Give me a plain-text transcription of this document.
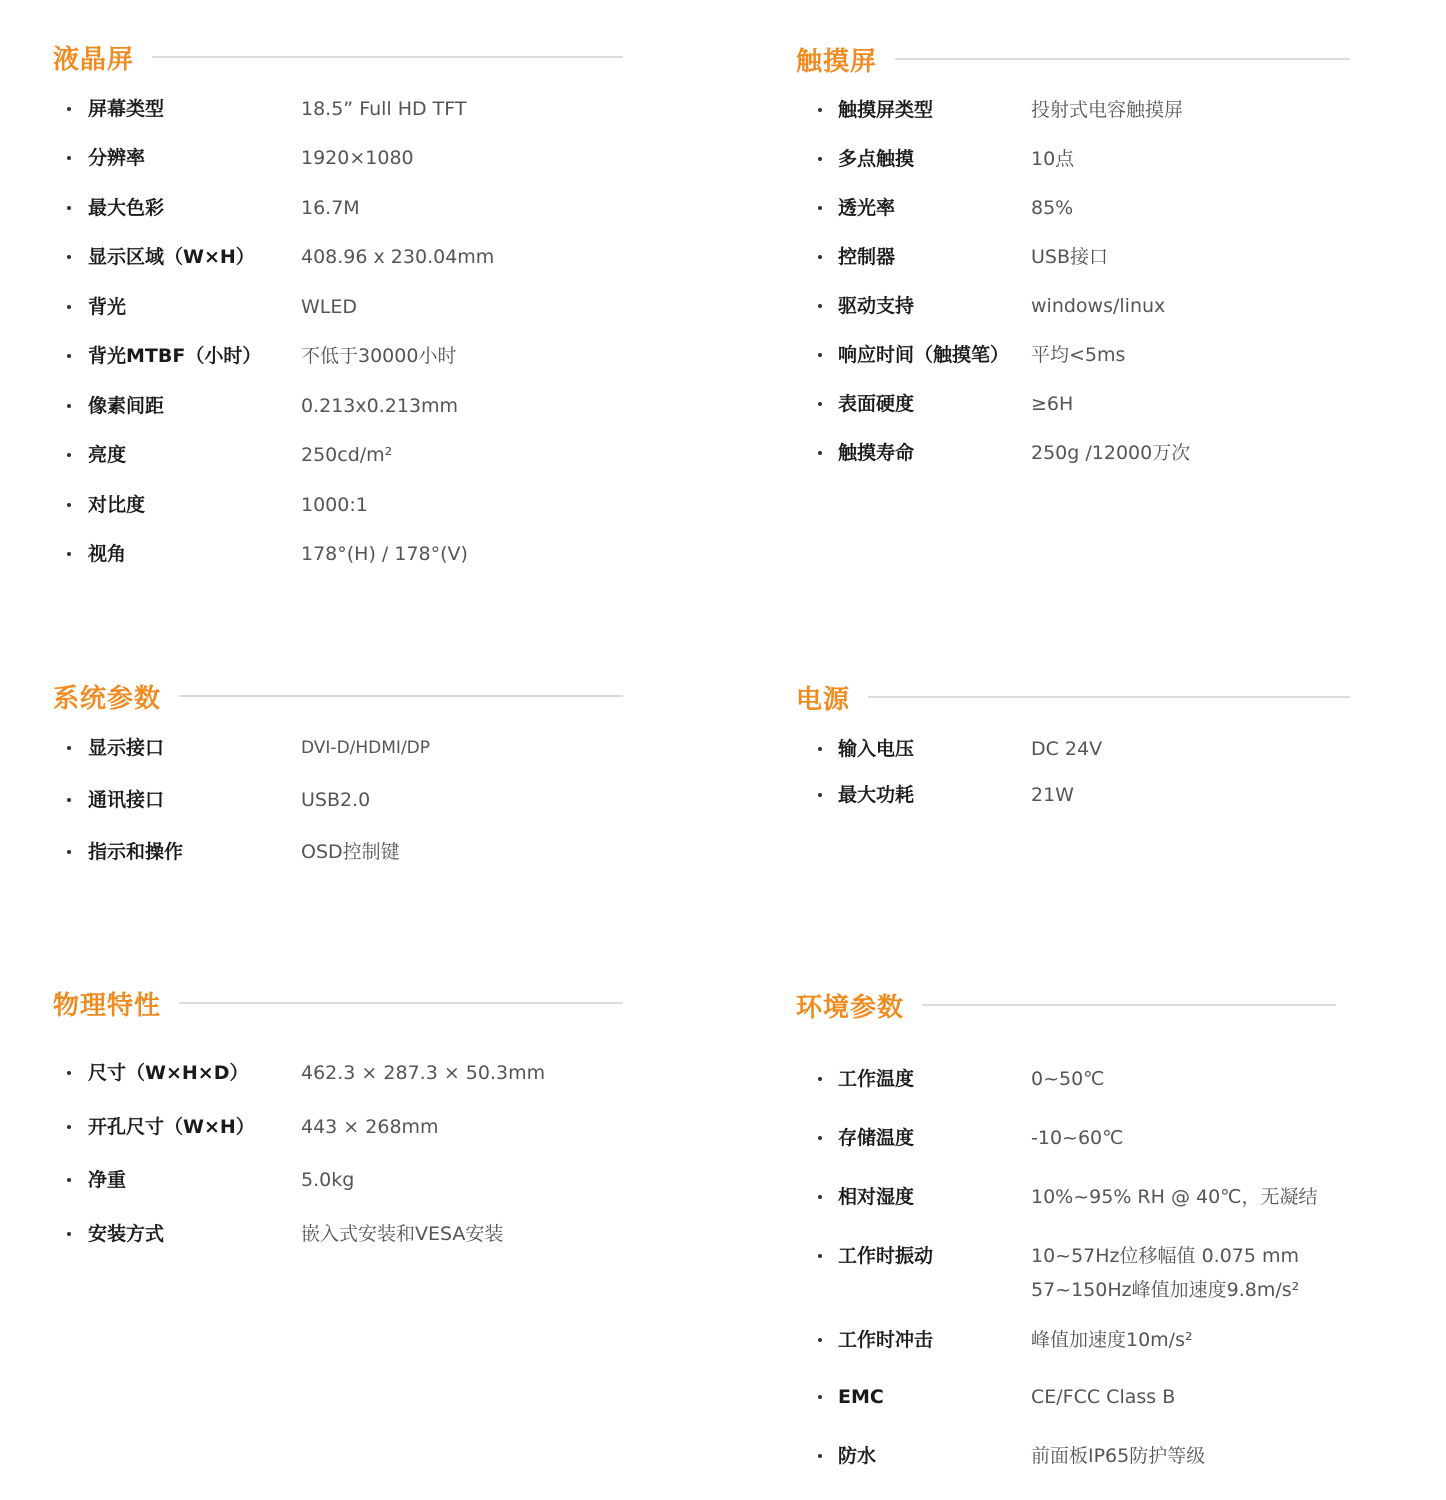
液晶屏
屏幕类型	18.5” Full HD TFT
分辨率	1920×1080
最大色彩	16.7M
显示区域（W×H） 408.96 x 230.04mm
背光	WLED
背光MTBF（小时） 不低于30000小时
像素间距	0.213x0.213mm
亮度	250cd/m²
对比度	1000:1
视角	178°(H) / 178°(V)
触摸屏
触摸屏类型	投射式电容触摸屏
多点触摸	10点
透光率	85%
控制器	USB接口
驱动支持	windows/linux
响应时间（触摸笔） 平均<5ms
表面硬度	≥6H
触摸寿命	250g /12000万次
系统参数
显示接口	DVI-D/HDMI/DP
通讯接口	USB2.0
指示和操作	OSD控制键
电源
输入电压	DC 24V
最大功耗	21W
物理特性
尺寸（W×H×D）	462.3 × 287.3 × 50.3mm
开孔尺寸（W×H） 443 × 268mm
净重	5.0kg
安装方式	嵌入式安装和VESA安装
环境参数
工作温度	0~50℃
存储温度	-10~60℃
相对湿度	10%~95% RH @ 40℃，无凝结
工作时振动	10~57Hz位移幅值 0.075 mm
57~150Hz峰值加速度9.8m/s²
工作时冲击	峰值加速度10m/s²
EMC	CE/FCC Class B
防水	前面板IP65防护等级
